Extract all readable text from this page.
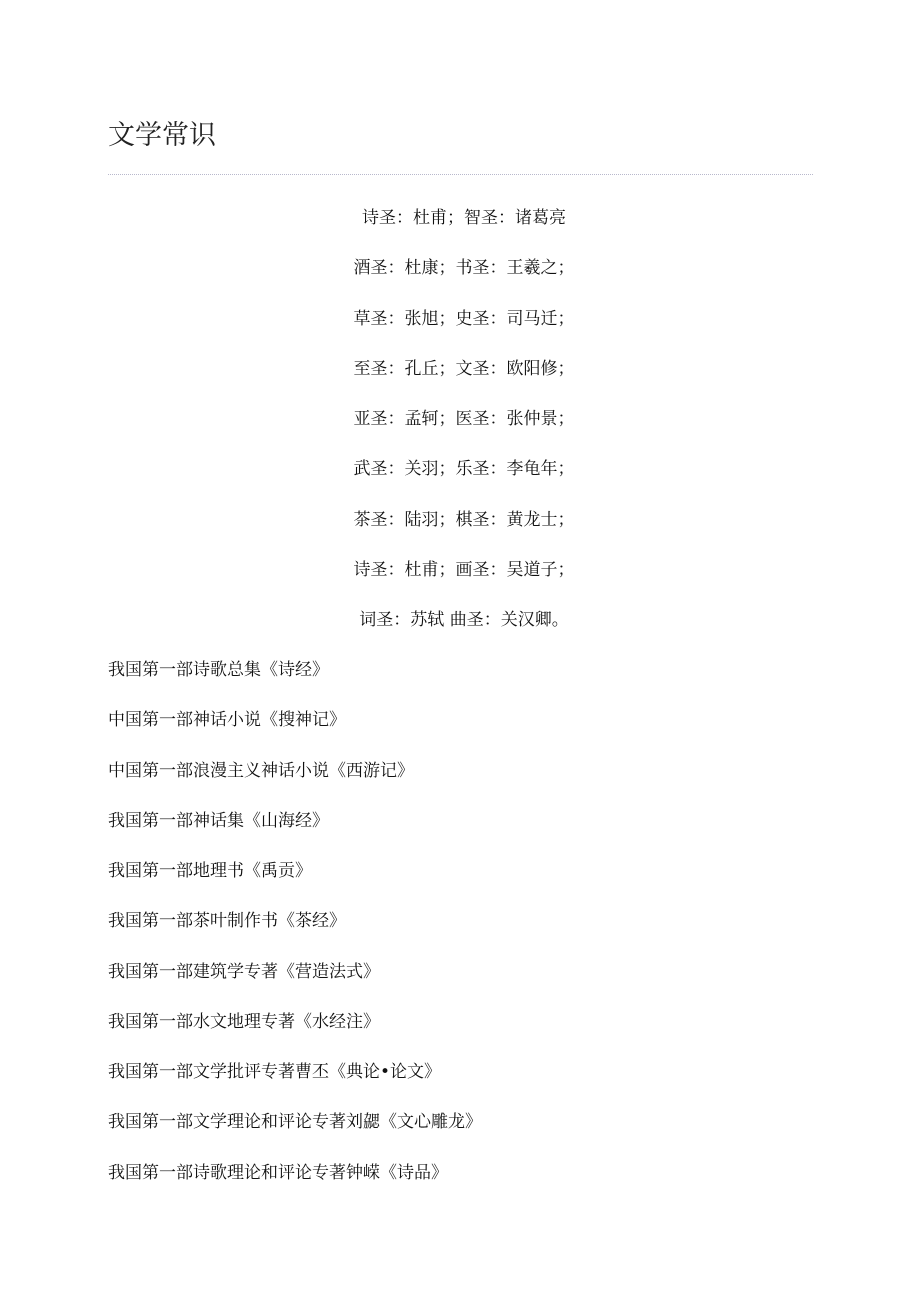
文学常识
诗圣：杜甫；智圣：诸葛亮
酒圣：杜康；书圣：王羲之；
草圣：张旭；史圣：司马迁；
至圣：孔丘；文圣：欧阳修；
亚圣：孟轲；医圣：张仲景；
武圣：关羽；乐圣：李龟年；
茶圣：陆羽；棋圣：黄龙士；
诗圣：杜甫；画圣：吴道子；
词圣：苏轼 曲圣：关汉卿。
我国第一部诗歌总集《诗经》
中国第一部神话小说《搜神记》
中国第一部浪漫主义神话小说《西游记》
我国第一部神话集《山海经》
我国第一部地理书《禹贡》
我国第一部茶叶制作书《茶经》
我国第一部建筑学专著《营造法式》
我国第一部水文地理专著《水经注》
我国第一部文学批评专著曹丕《典论•论文》
我国第一部文学理论和评论专著刘勰《文心雕龙》
我国第一部诗歌理论和评论专著钟嵘《诗品》
